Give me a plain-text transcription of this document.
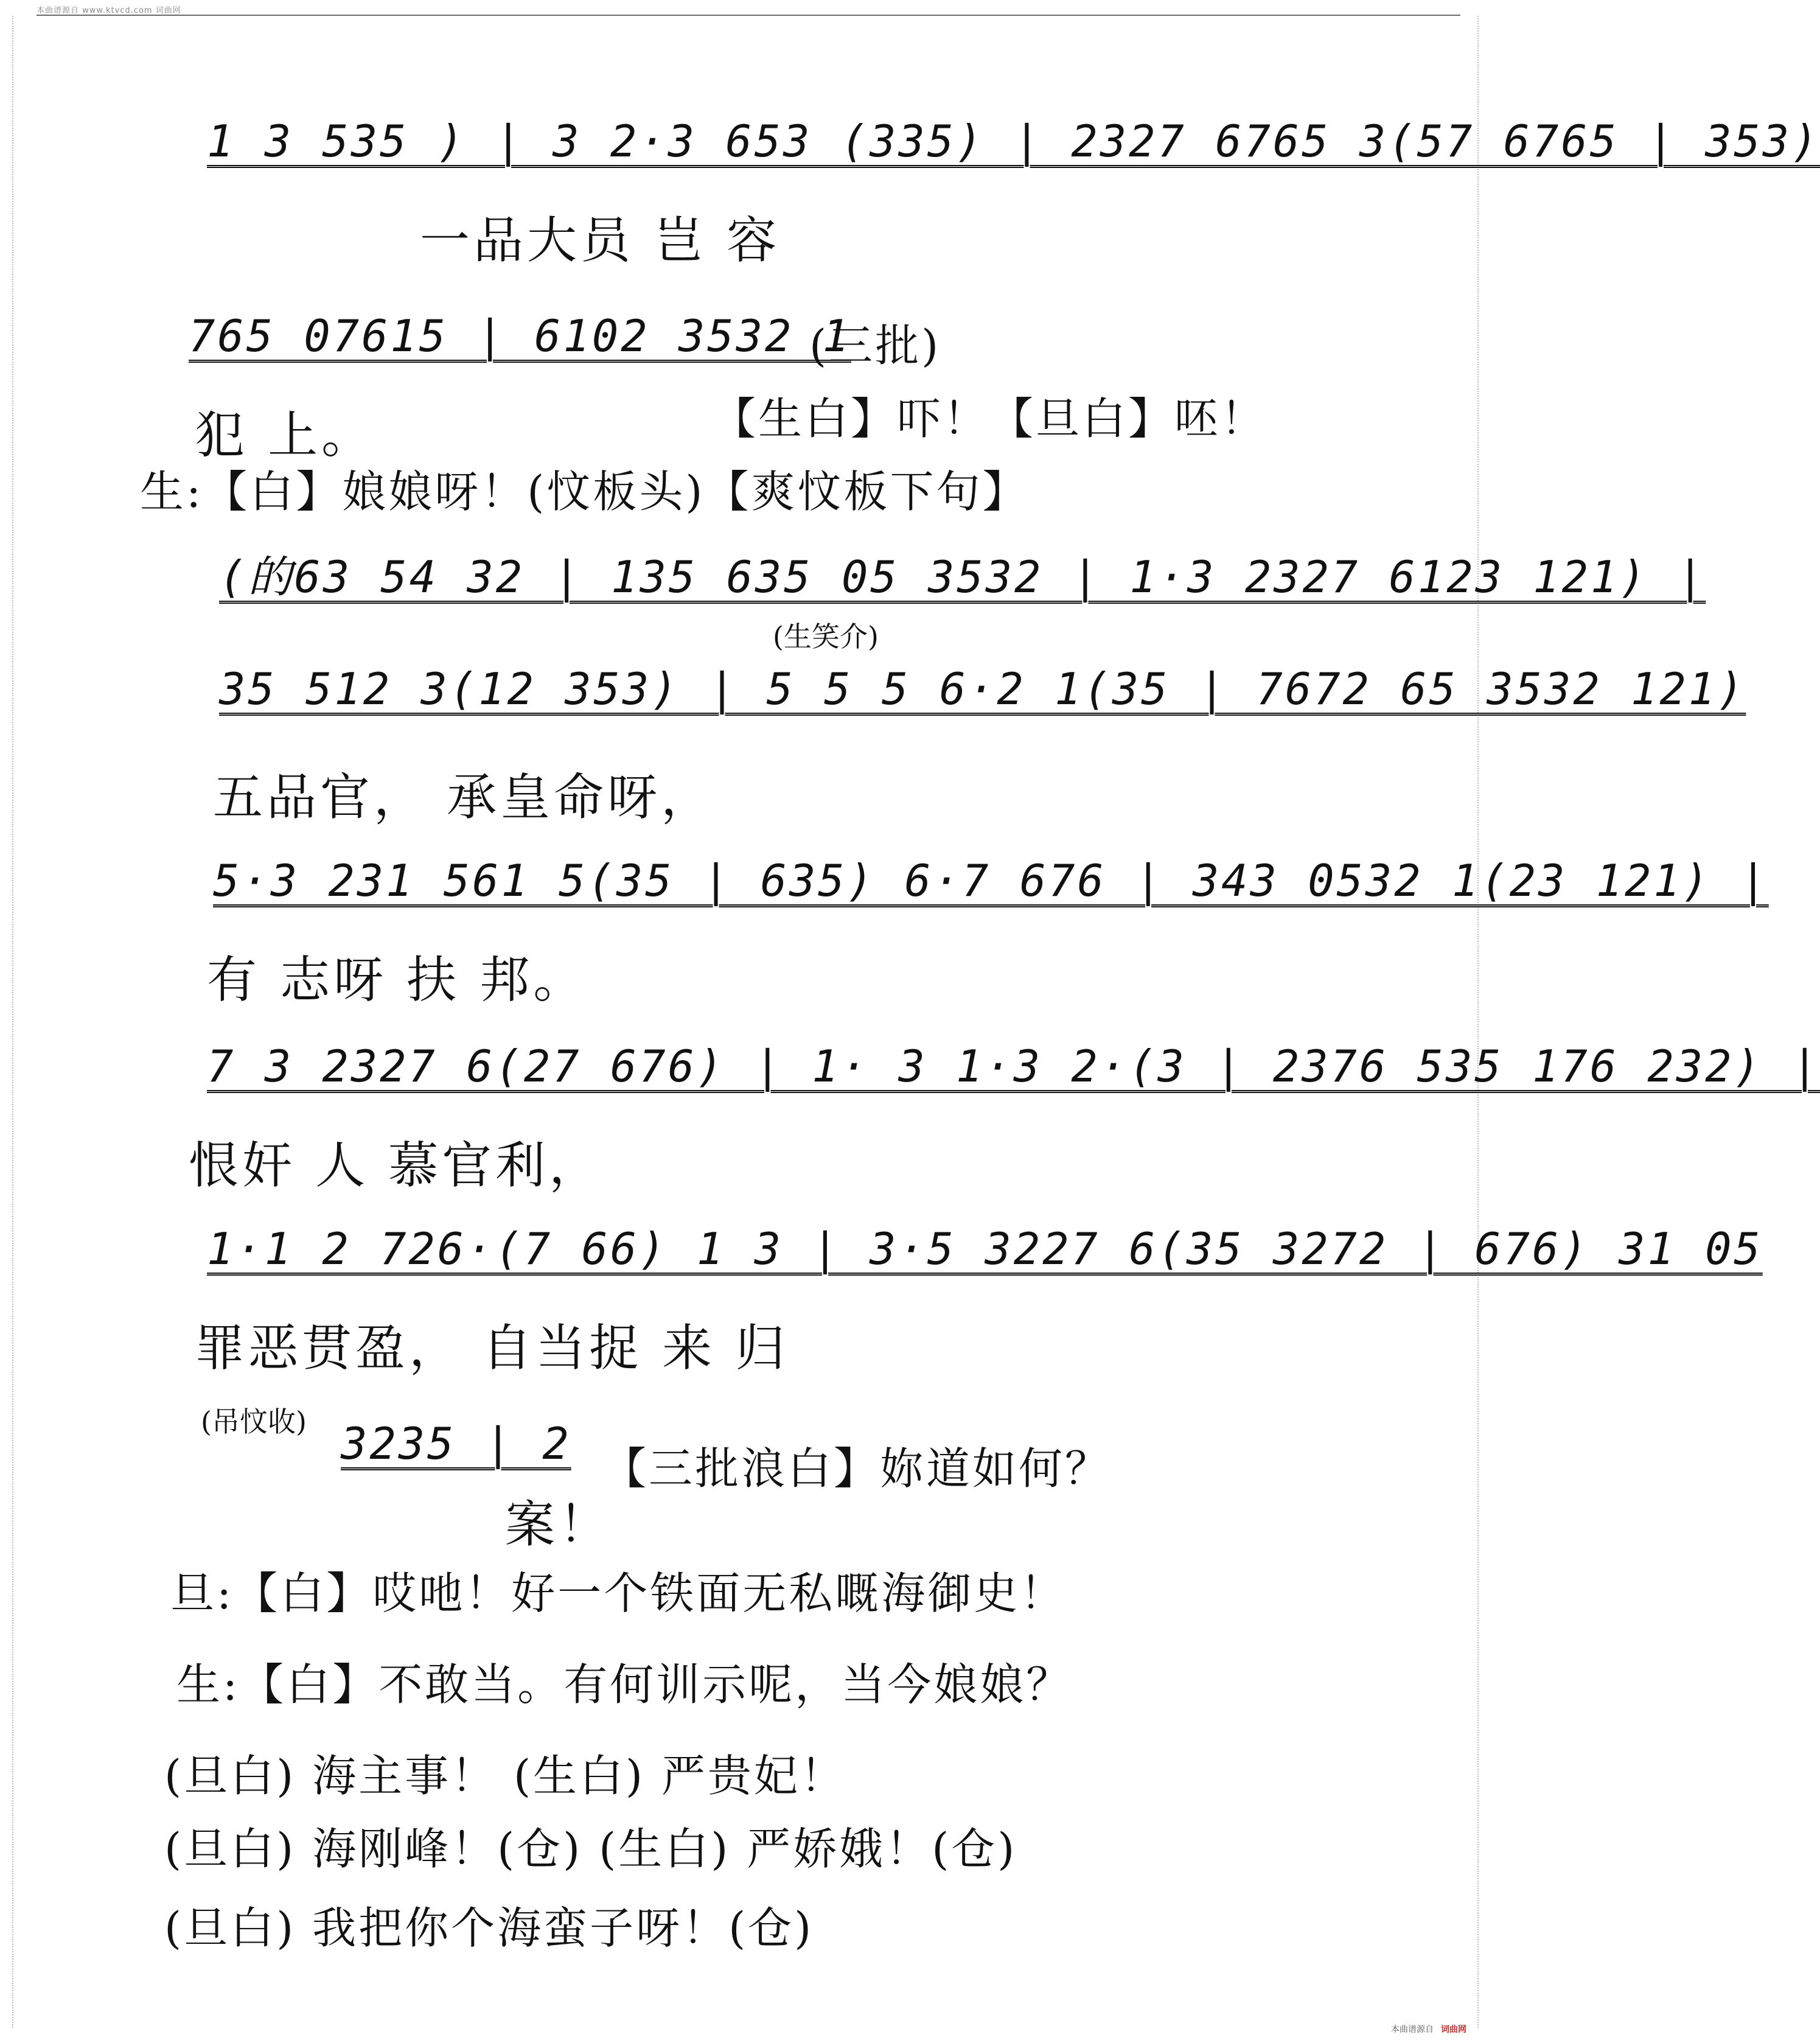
本曲谱源自 www.ktvcd.com 词曲网
1 3 535 ) | 3 2·3 653 (335) | 2327 6765 3(57 6765 | 353)
一品大员 岂 容
765 07615 | 6102 3532 1
(三批)
犯 上。	【生白】吓！【旦白】呸！
生:【白】娘娘呀！(忟板头)【爽忟板下句】
(的63 54 32 | 135 635 05 3532 | 1·3 2327 6123 121) |
(生笑介)
35 512 3(12 353) | 5 5 5 6·2 1(35 | 7672 65 3532 121)
五品官， 承皇命呀，
5·3 231 561 5(35 | 635) 6·7 676 | 343 0532 1(23 121) |
有 志呀 扶 邦。
7 3 2327 6(27 676) | 1· 3 1·3 2·(3 | 2376 535 176 232) |
恨奸 人 慕官利，
1·1 2 726·(7 66) 1 3 | 3·5 3227 6(35 3272 | 676) 31 05
罪恶贯盈， 自当捉 来 归
(吊忟收) 3235 | 2
案！
【三批浪白】妳道如何？
旦:【白】哎吔！好一个铁面无私嘅海御史！
生:【白】不敢当。有何训示呢，当今娘娘？
(旦白) 海主事！ (生白) 严贵妃！
(旦白) 海刚峰！(仓) (生白) 严娇娥！(仓)
(旦白) 我把你个海蛮子呀！(仓)
本曲谱源自 词曲网
